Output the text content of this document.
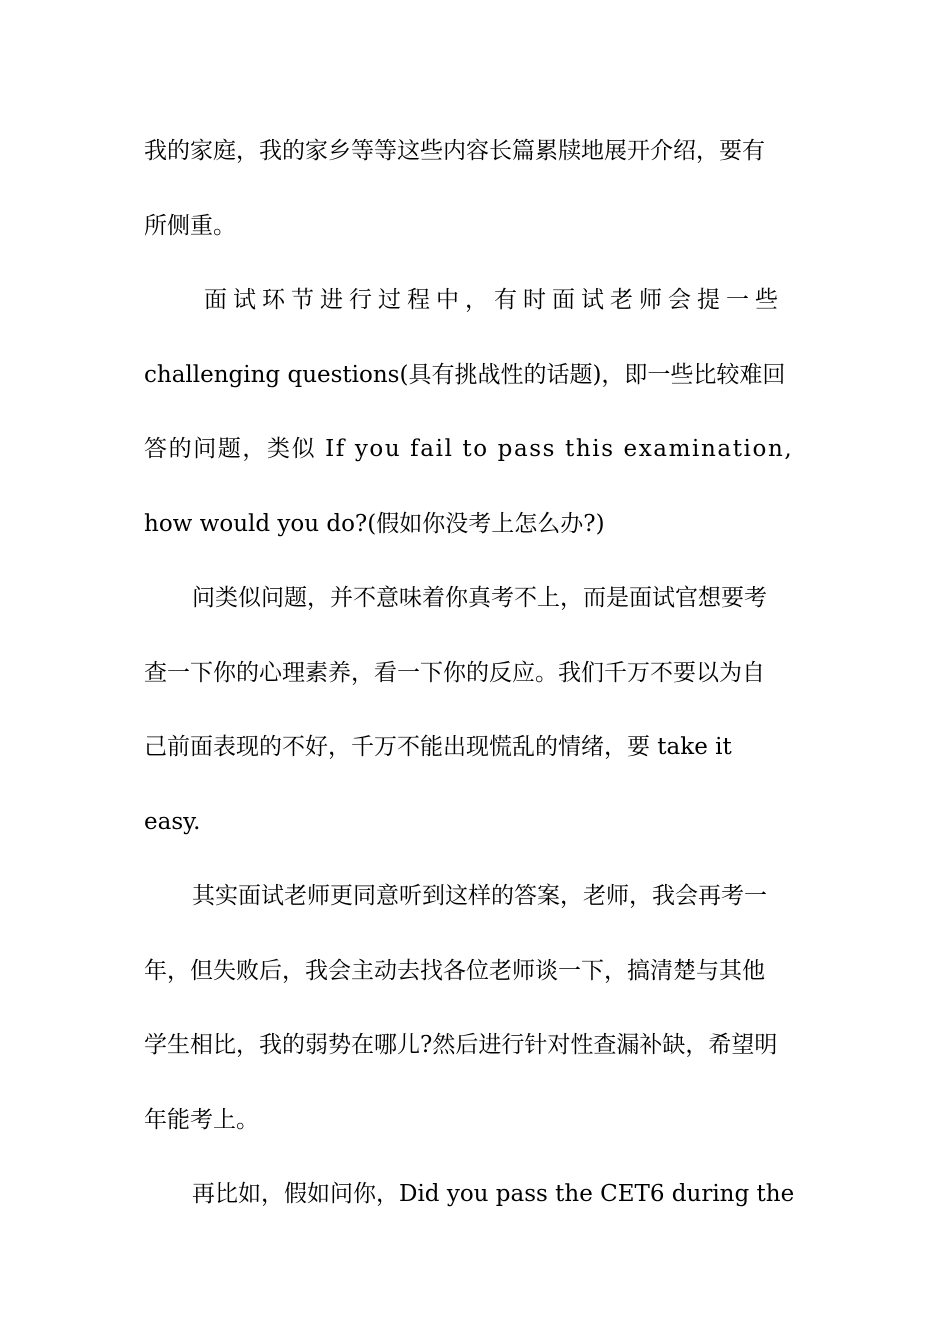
我的家庭，我的家乡等等这些内容长篇累牍地展开介绍，要有
所侧重。

面试环节进行过程中，有时面试老师会提一些
challenging questions(具有挑战性的话题)，即一些比较难回
答的问题，类似 If you fail to pass this examination,
how would you do?(假如你没考上怎么办?)

问类似问题，并不意味着你真考不上，而是面试官想要考
查一下你的心理素养，看一下你的反应。我们千万不要以为自
己前面表现的不好，千万不能出现慌乱的情绪，要 take it
easy.

其实面试老师更同意听到这样的答案，老师，我会再考一
年，但失败后，我会主动去找各位老师谈一下，搞清楚与其他
学生相比，我的弱势在哪儿?然后进行针对性查漏补缺，希望明
年能考上。

再比如，假如问你，Did you pass the CET6 during the
